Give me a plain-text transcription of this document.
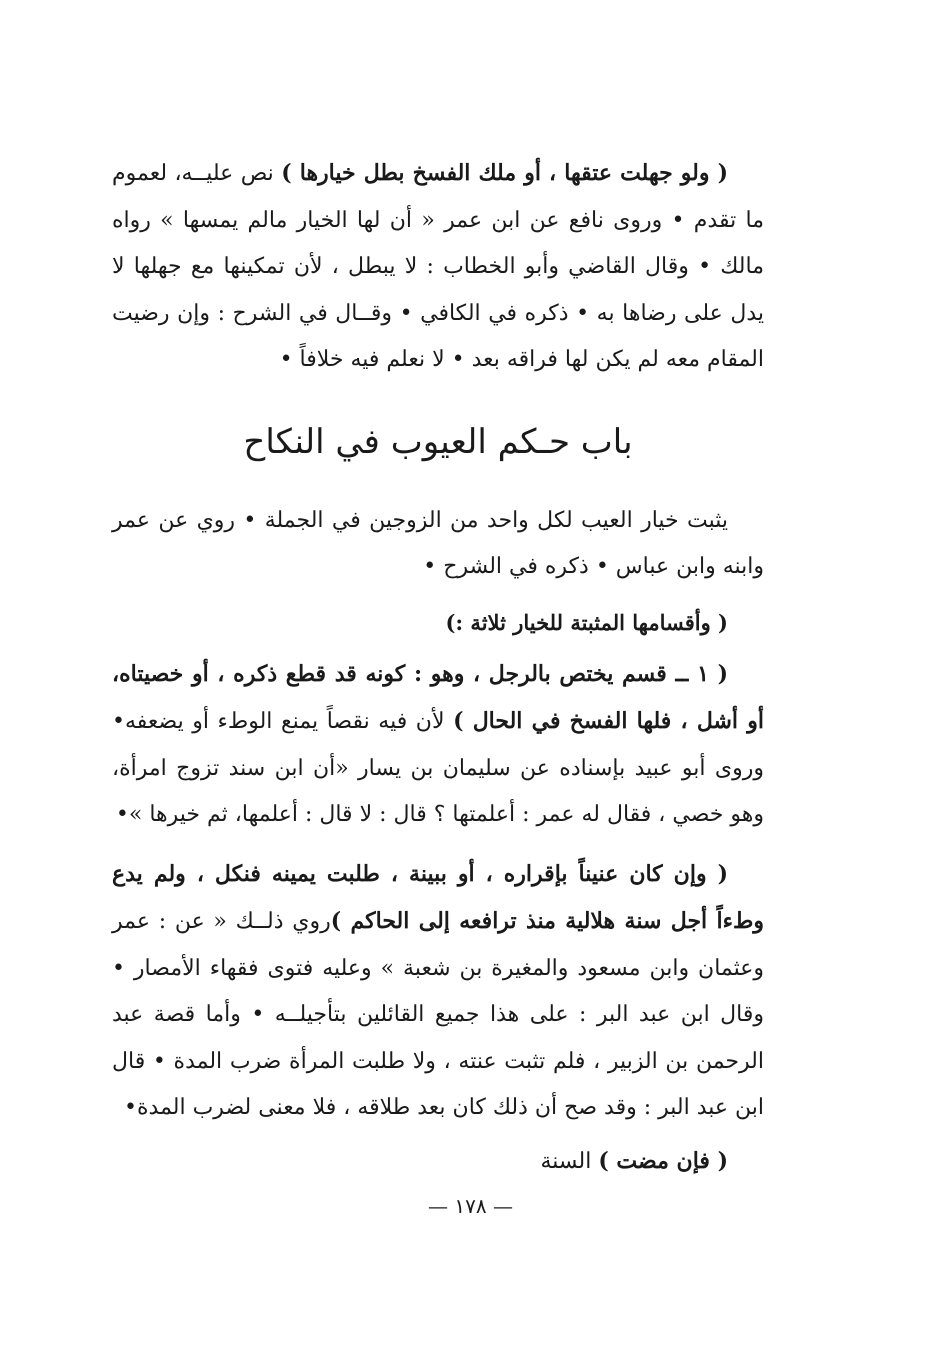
( ولو جهلت عتقها ، أو ملك الفسخ بطل خيارها ) نص عليــه، لعموم ما تقدم • وروى نافع عن ابن عمر « أن لها الخيار مالم يمسها » رواه مالك • وقال القاضي وأبو الخطاب : لا يبطل ، لأن تمكينها مع جهلها لا يدل على رضاها به • ذكره في الكافي • وقــال في الشرح : وإن رضيت المقام معه لم يكن لها فراقه بعد • لا نعلم فيه خلافاً •

باب حـكم العيوب في النكاح

يثبت خيار العيب لكل واحد من الزوجين في الجملة • روي عن عمر وابنه وابن عباس • ذكره في الشرح •

( وأقسامها المثبتة للخيار ثلاثة :)

( ١ ــ قسم يختص بالرجل ، وهو : كونه قد قطع ذكره ، أو خصيتاه، أو أشل ، فلها الفسخ في الحال ) لأن فيه نقصاً يمنع الوطء أو يضعفه• وروى أبو عبيد بإسناده عن سليمان بن يسار «أن ابن سند تزوج امرأة، وهو خصي ، فقال له عمر : أعلمتها ؟ قال : لا قال : أعلمها، ثم خيرها »•

( وإن كان عنيناً بإقراره ، أو ببينة ، طلبت يمينه فنكل ، ولم يدع وطءاً أجل سنة هلالية منذ ترافعه إلى الحاكم )روي ذلــك « عن : عمر وعثمان وابن مسعود والمغيرة بن شعبة » وعليه فتوى فقهاء الأمصار • وقال ابن عبد البر : على هذا جميع القائلين بتأجيلــه • وأما قصة عبد الرحمن بن الزبير ، فلم تثبت عنته ، ولا طلبت المرأة ضرب المدة • قال ابن عبد البر : وقد صح أن ذلك كان بعد طلاقه ، فلا معنى لضرب المدة•

( فإن مضت ) السنة

— ١٧٨ —
